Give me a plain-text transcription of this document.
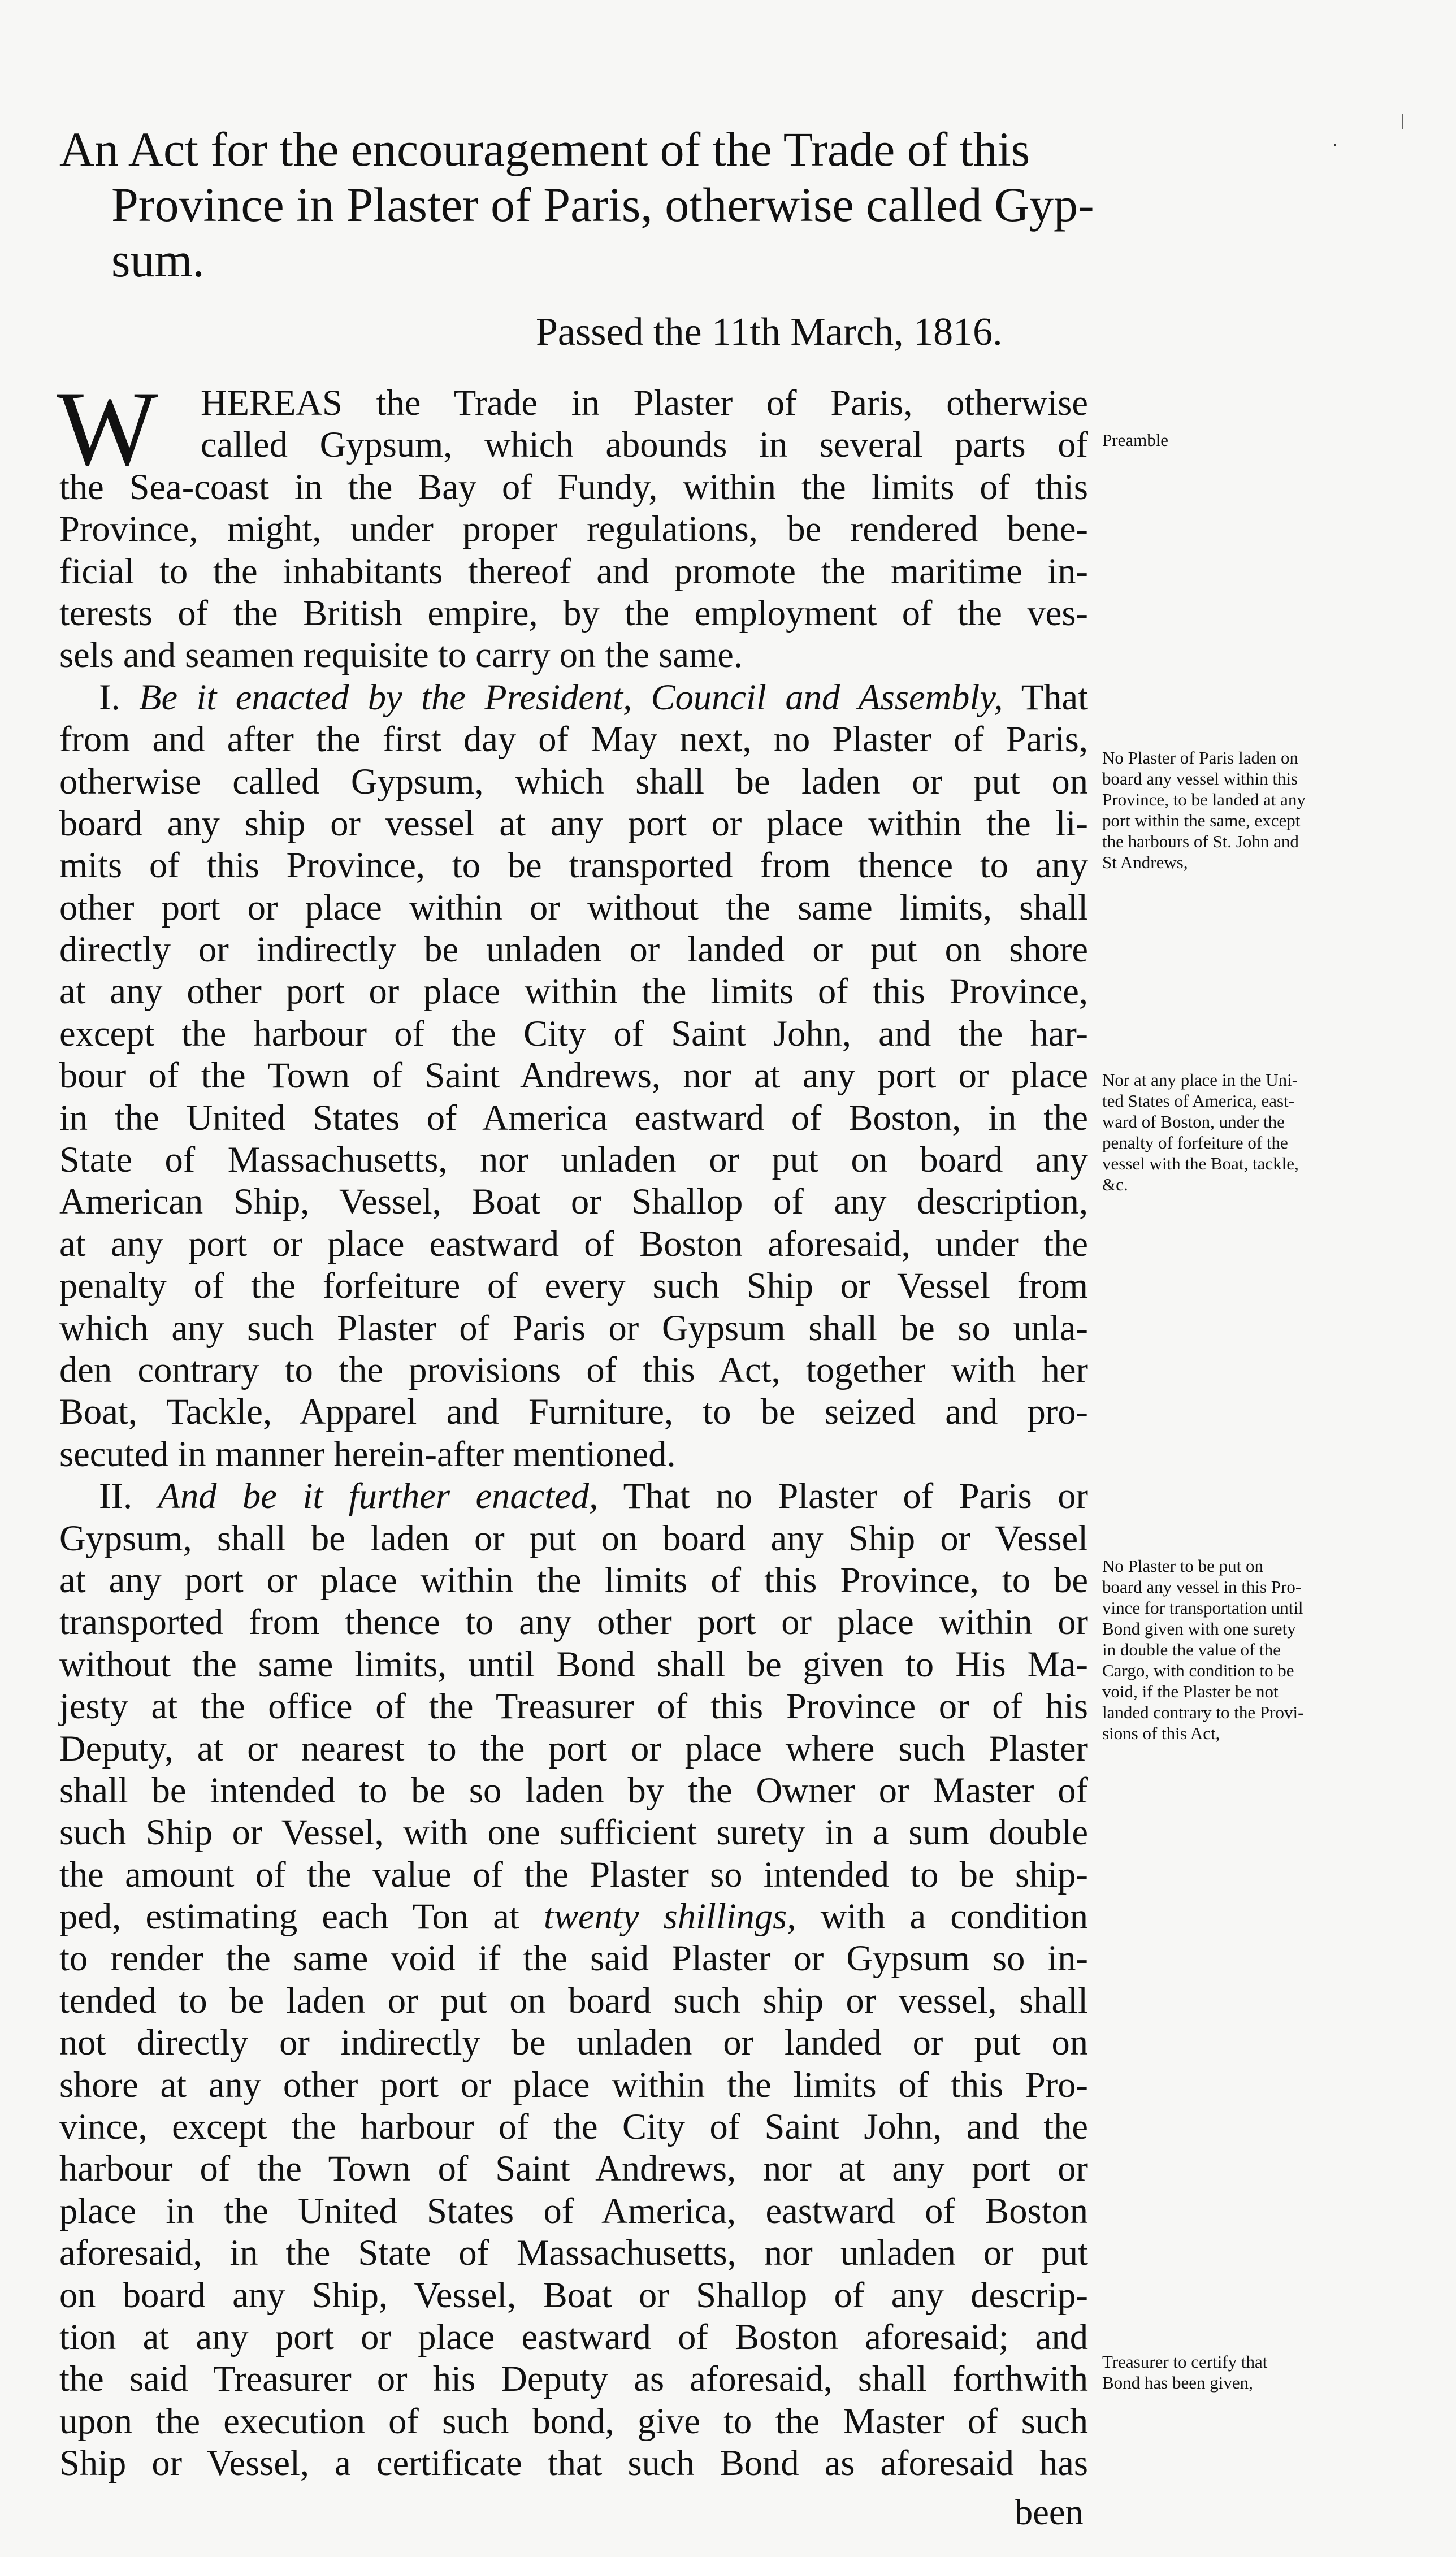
An Act for the encouragement of the Trade of this
Province in Plaster of Paris, otherwise called Gyp-
sum.
Passed the 11th March, 1816.
W	HEREAS the Trade in Plaster of Paris, otherwise
called Gypsum, which abounds in several parts of
the Sea-coast in the Bay of Fundy, within the limits of this
Province, might, under proper regulations, be rendered bene-
ficial to the inhabitants thereof and promote the maritime in-
terests of the British empire, by the employment of the ves-
sels and seamen requisite to carry on the same.
I. Be it enacted by the President, Council and Assembly, That
from and after the first day of May next, no Plaster of Paris,
otherwise called Gypsum, which shall be laden or put on
board any ship or vessel at any port or place within the li-
mits of this Province, to be transported from thence to any
other port or place within or without the same limits, shall
directly or indirectly be unladen or landed or put on shore
at any other port or place within the limits of this Province,
except the harbour of the City of Saint John, and the har-
bour of the Town of Saint Andrews, nor at any port or place
in the United States of America eastward of Boston, in the
State of Massachusetts, nor unladen or put on board any
American Ship, Vessel, Boat or Shallop of any description,
at any port or place eastward of Boston aforesaid, under the
penalty of the forfeiture of every such Ship or Vessel from
which any such Plaster of Paris or Gypsum shall be so unla-
den contrary to the provisions of this Act, together with her
Boat, Tackle, Apparel and Furniture, to be seized and pro-
secuted in manner herein-after mentioned.
II. And be it further enacted, That no Plaster of Paris or
Gypsum, shall be laden or put on board any Ship or Vessel
at any port or place within the limits of this Province, to be
transported from thence to any other port or place within or
without the same limits, until Bond shall be given to His Ma-
jesty at the office of the Treasurer of this Province or of his
Deputy, at or nearest to the port or place where such Plaster
shall be intended to be so laden by the Owner or Master of
such Ship or Vessel, with one sufficient surety in a sum double
the amount of the value of the Plaster so intended to be ship-
ped, estimating each Ton at twenty shillings, with a condition
to render the same void if the said Plaster or Gypsum so in-
tended to be laden or put on board such ship or vessel, shall
not directly or indirectly be unladen or landed or put on
shore at any other port or place within the limits of this Pro-
vince, except the harbour of the City of Saint John, and the
harbour of the Town of Saint Andrews, nor at any port or
place in the United States of America, eastward of Boston
aforesaid, in the State of Massachusetts, nor unladen or put
on board any Ship, Vessel, Boat or Shallop of any descrip-
tion at any port or place eastward of Boston aforesaid; and
the said Treasurer or his Deputy as aforesaid, shall forthwith
upon the execution of such bond, give to the Master of such
Ship or Vessel, a certificate that such Bond as aforesaid has
been
Preamble
No Plaster of Paris laden on
board any vessel within this
Province, to be landed at any
port within the same, except
the harbours of St. John and
St Andrews,
Nor at any place in the Uni-
ted States of America, east-
ward of Boston, under the
penalty of forfeiture of the
vessel with the Boat, tackle,
&c.
No Plaster to be put on
board any vessel in this Pro-
vince for transportation until
Bond given with one surety
in double the value of the
Cargo, with condition to be
void, if the Plaster be not
landed contrary to the Provi-
sions of this Act,
Treasurer to certify that
Bond has been given,
|
.
